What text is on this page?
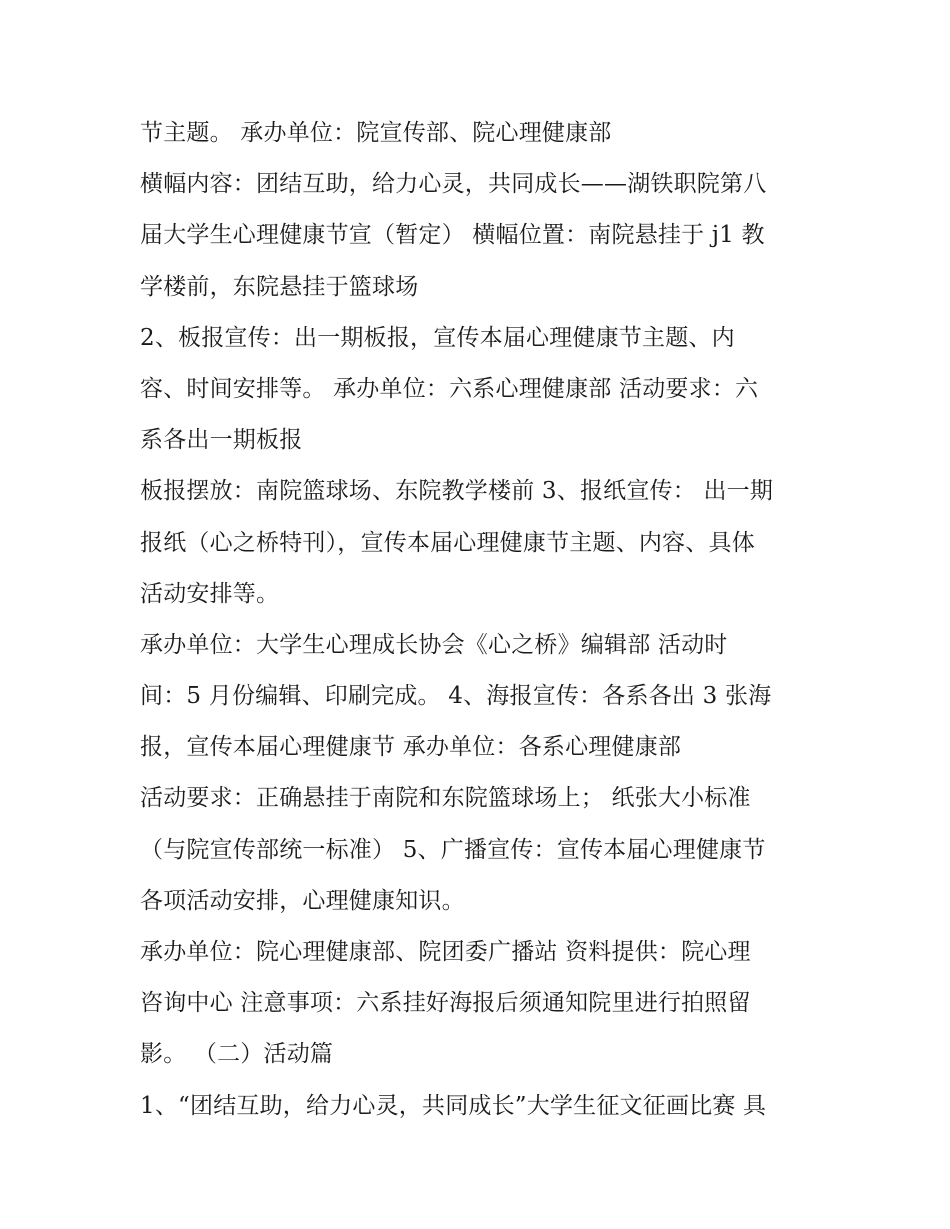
节主题。 承办单位：院宣传部、院心理健康部
横幅内容：团结互助，给力心灵，共同成长——湖铁职院第八
届大学生心理健康节宣（暂定） 横幅位置：南院悬挂于 j1 教
学楼前，东院悬挂于篮球场
2、板报宣传：出一期板报，宣传本届心理健康节主题、内
容、时间安排等。 承办单位：六系心理健康部 活动要求：六
系各出一期板报
板报摆放：南院篮球场、东院教学楼前 3、报纸宣传： 出一期
报纸（心之桥特刊），宣传本届心理健康节主题、内容、具体
活动安排等。
承办单位：大学生心理成长协会《心之桥》编辑部 活动时
间：5 月份编辑、印刷完成。 4、海报宣传：各系各出 3 张海
报，宣传本届心理健康节 承办单位：各系心理健康部
活动要求：正确悬挂于南院和东院篮球场上； 纸张大小标准
（与院宣传部统一标准） 5、广播宣传：宣传本届心理健康节
各项活动安排，心理健康知识。
承办单位：院心理健康部、院团委广播站 资料提供：院心理
咨询中心 注意事项：六系挂好海报后须通知院里进行拍照留
影。 （二）活动篇
1、“团结互助，给力心灵，共同成长”大学生征文征画比赛 具
